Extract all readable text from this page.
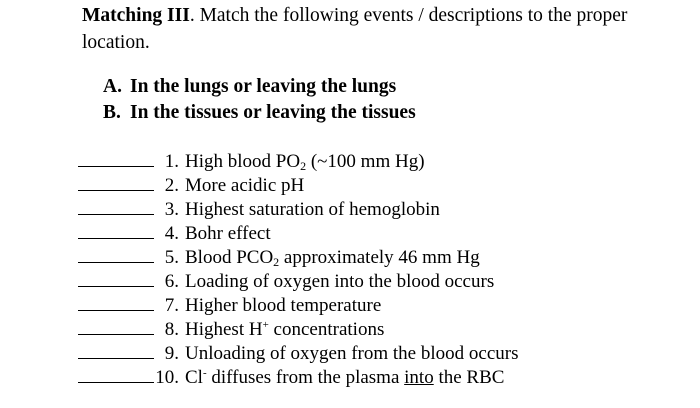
Matching III. Match the following events / descriptions to the proper location.
A. In the lungs or leaving the lungs
B. In the tissues or leaving the tissues
1. High blood $PO_2$ (~100 mm Hg)
2. More acidic pH
3. Highest saturation of hemoglobin
4. Bohr effect
5. Blood $PCO_2$ approximately 46 mm Hg
6. Loading of oxygen into the blood occurs
7. Higher blood temperature
8. Highest H+ concentrations
9. Unloading of oxygen from the blood occurs
10. Cl- diffuses from the plasma into the RBC
